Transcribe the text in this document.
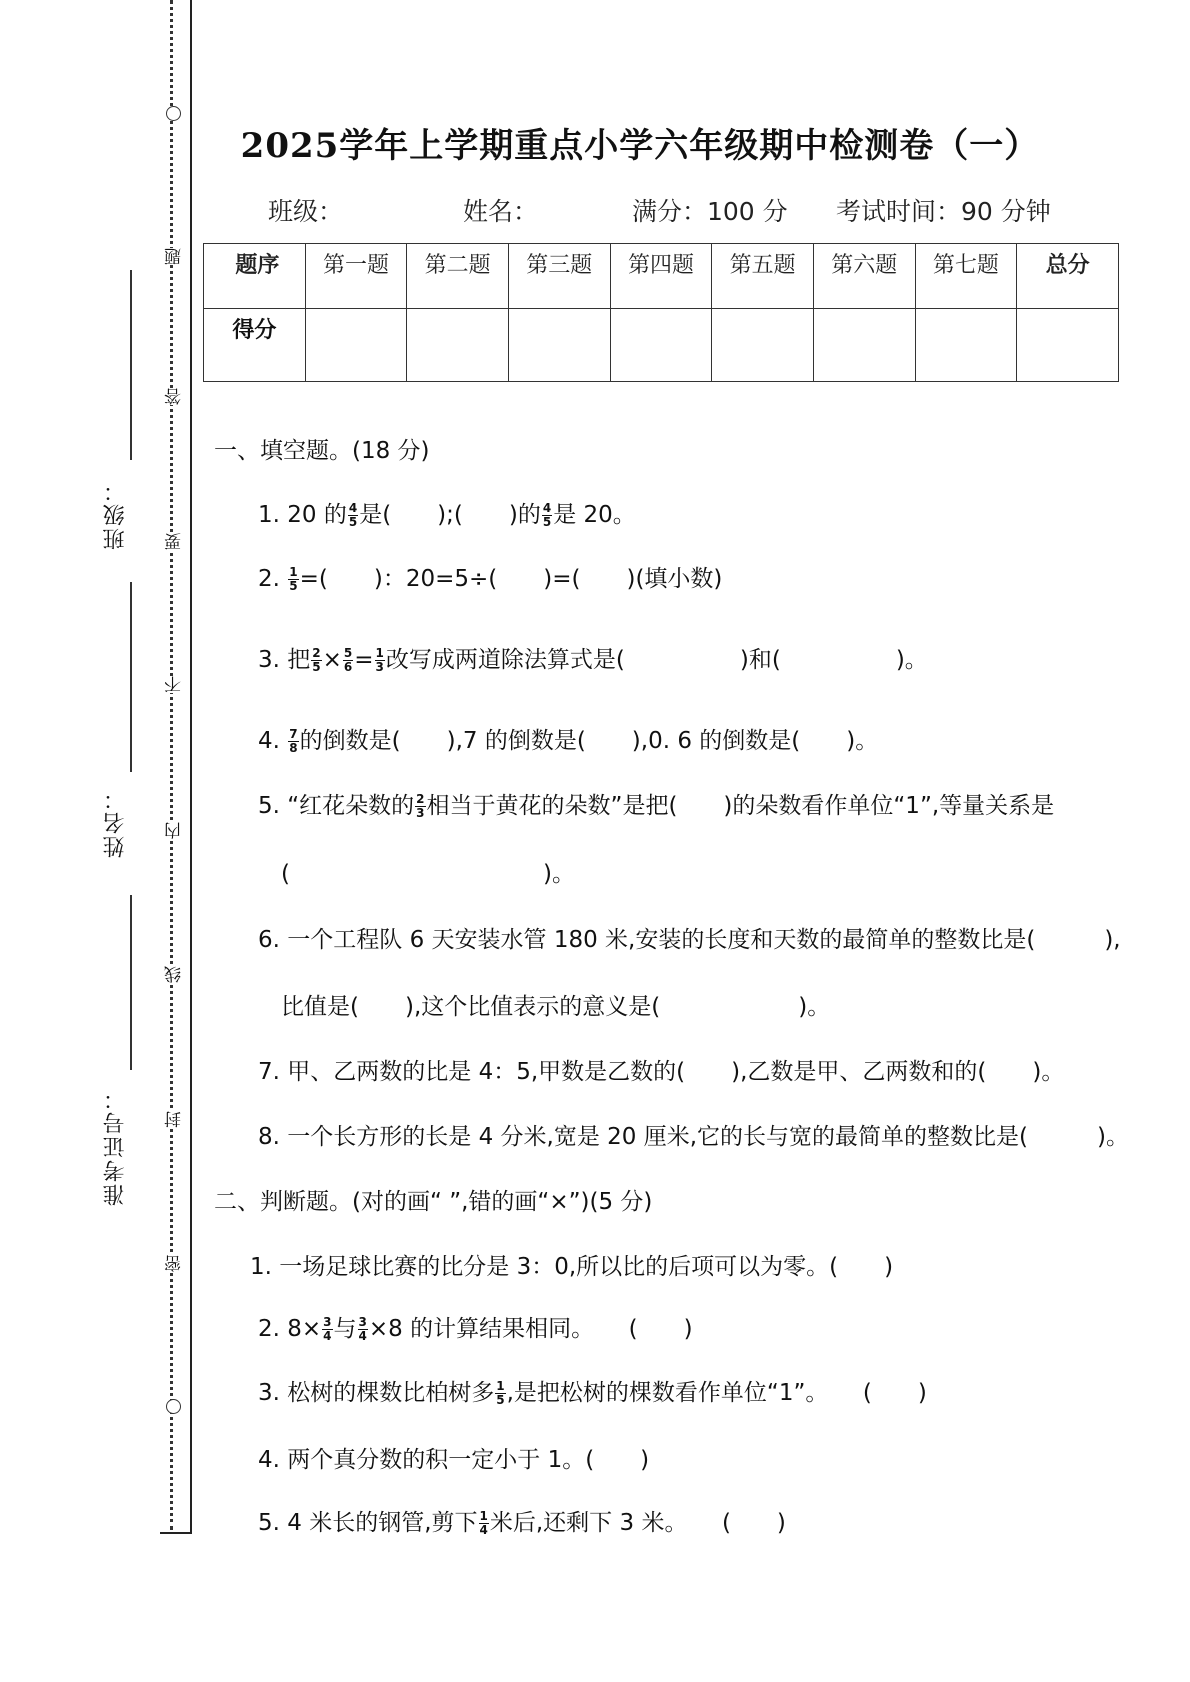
题
答
要
不
内
线
封
密
班级：
姓名：
准考证号：
2025学年上学期重点小学六年级期中检测卷（一）
班级：	姓名：	满分：100 分 考试时间：90 分钟
题序	第一题	第二题	第三题	第四题	第五题	第六题	第七题	总分
得分								
一、填空题。(18 分)
1. 20 的 $\frac{4}{5}$ 是(　　);(　　)的 $\frac{4}{5}$ 是 20。
2. $\frac{1}{5}$ =(　　)：20=5÷(　　)=(　　)(填小数)
3. 把 $\frac{2}{5} \times \frac{5}{6} = \frac{1}{3}$ 改写成两道除法算式是(　　　　　)和(　　　　　)。
4. $\frac{7}{8}$ 的倒数是(　　),7 的倒数是(　　),0. 6 的倒数是(　　)。
5. “红花朵数的 $\frac{2}{3}$ 相当于黄花的朵数”是把(　　)的朵数看作单位“1”,等量关系是
(　　　　　　　　　　　)。
6. 一个工程队 6 天安装水管 180 米,安装的长度和天数的最简单的整数比是(　　　),
比值是(　　),这个比值表示的意义是(　　　　　　)。
7. 甲、乙两数的比是 4：5,甲数是乙数的(　　),乙数是甲、乙两数和的(　　)。
8. 一个长方形的长是 4 分米,宽是 20 厘米,它的长与宽的最简单的整数比是(　　　)。
二、判断题。(对的画“ ”,错的画“×”)(5 分)
1. 一场足球比赛的比分是 3：0,所以比的后项可以为零。(　　)
2. $8\times \frac{3}{4}$ 与 $\frac{3}{4} \times 8$ 的计算结果相同。　　(　　)
3. 松树的棵数比柏树多 $\frac{1}{5}$ ,是把松树的棵数看作单位“1”。　　(　　)
4. 两个真分数的积一定小于 1。(　　)
5. 4 米长的钢管,剪下 $\frac{1}{4}$ 米后,还剩下 3 米。　　(　　)
